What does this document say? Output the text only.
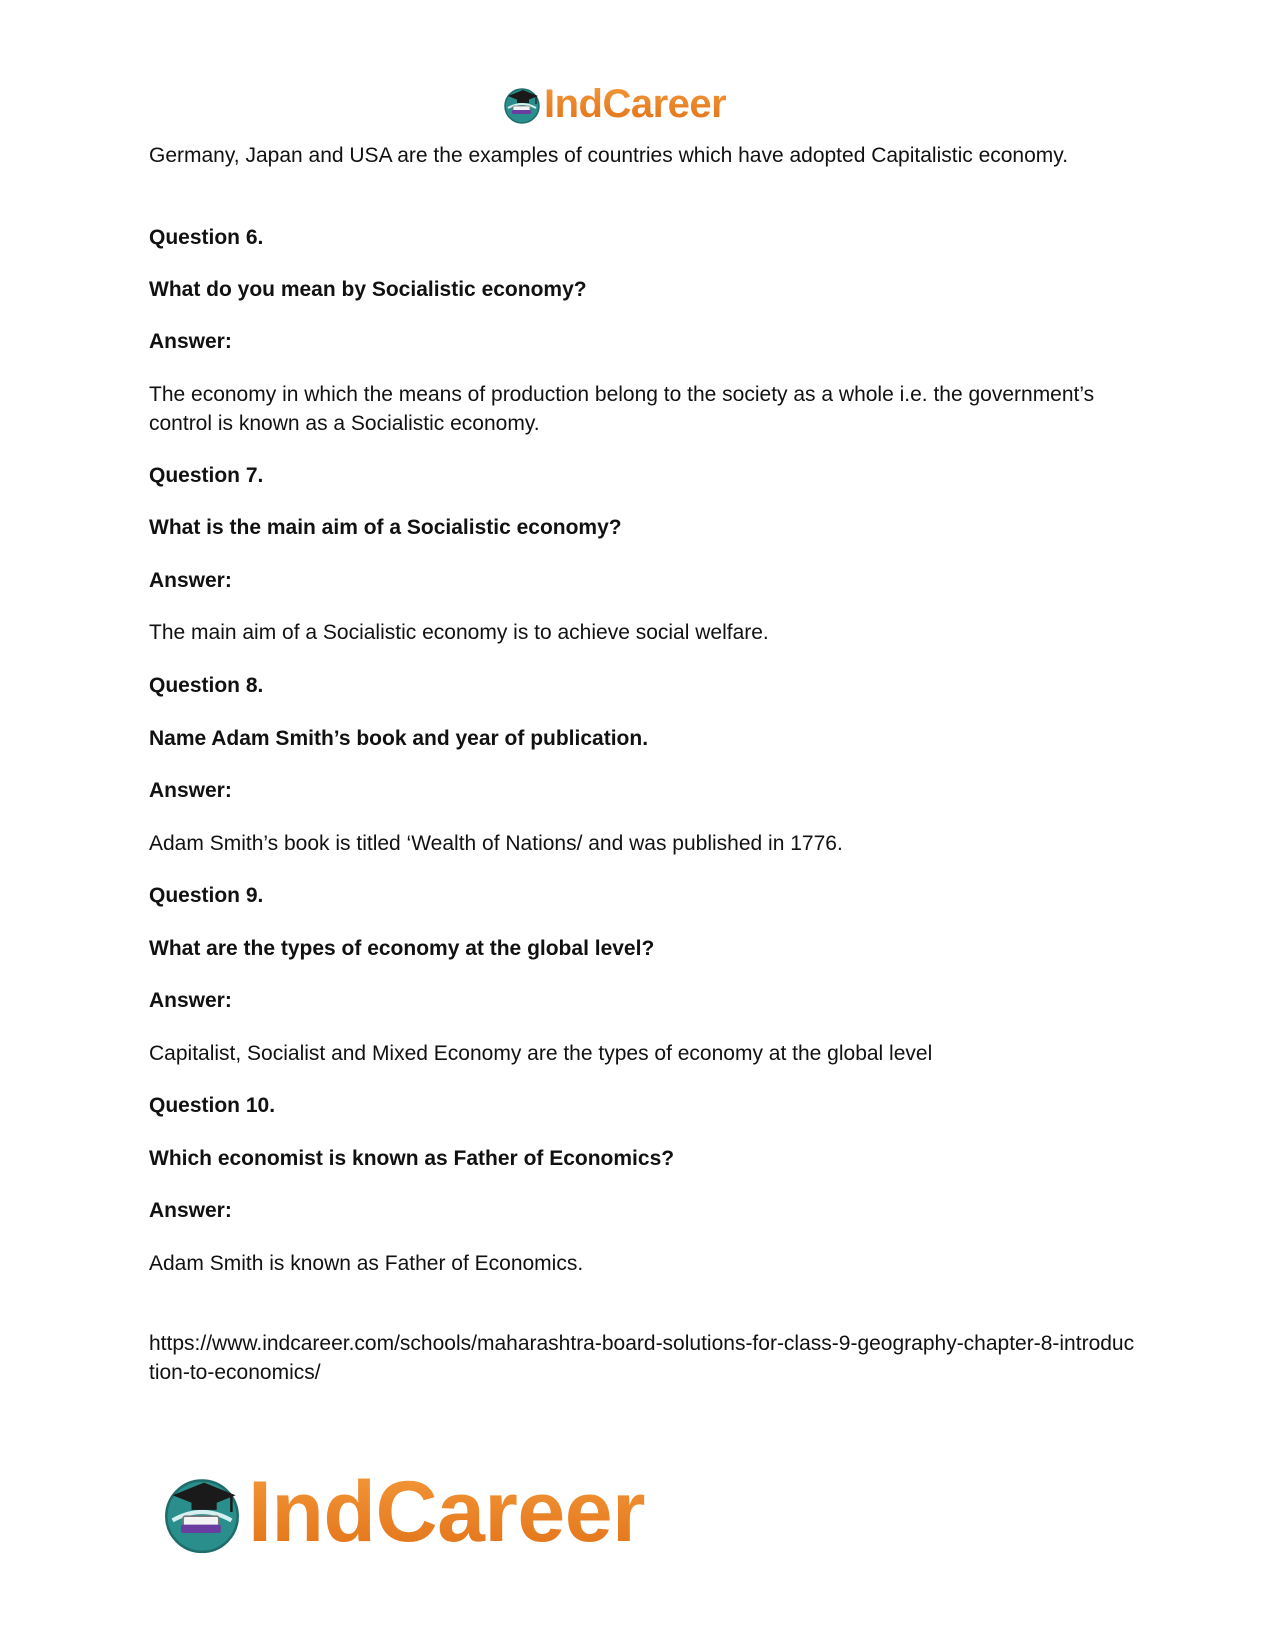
IndCareer

Germany, Japan and USA are the examples of countries which have adopted Capitalistic economy.

Question 6.

What do you mean by Socialistic economy?

Answer:

The economy in which the means of production belong to the society as a whole i.e. the government’s control is known as a Socialistic economy.

Question 7.

What is the main aim of a Socialistic economy?

Answer:

The main aim of a Socialistic economy is to achieve social welfare.

Question 8.

Name Adam Smith’s book and year of publication.

Answer:

Adam Smith’s book is titled ‘Wealth of Nations/ and was published in 1776.

Question 9.

What are the types of economy at the global level?

Answer:

Capitalist, Socialist and Mixed Economy are the types of economy at the global level

Question 10.

Which economist is known as Father of Economics?

Answer:

Adam Smith is known as Father of Economics.

https://www.indcareer.com/schools/maharashtra-board-solutions-for-class-9-geography-chapter-8-introduction-to-economics/

IndCareer
